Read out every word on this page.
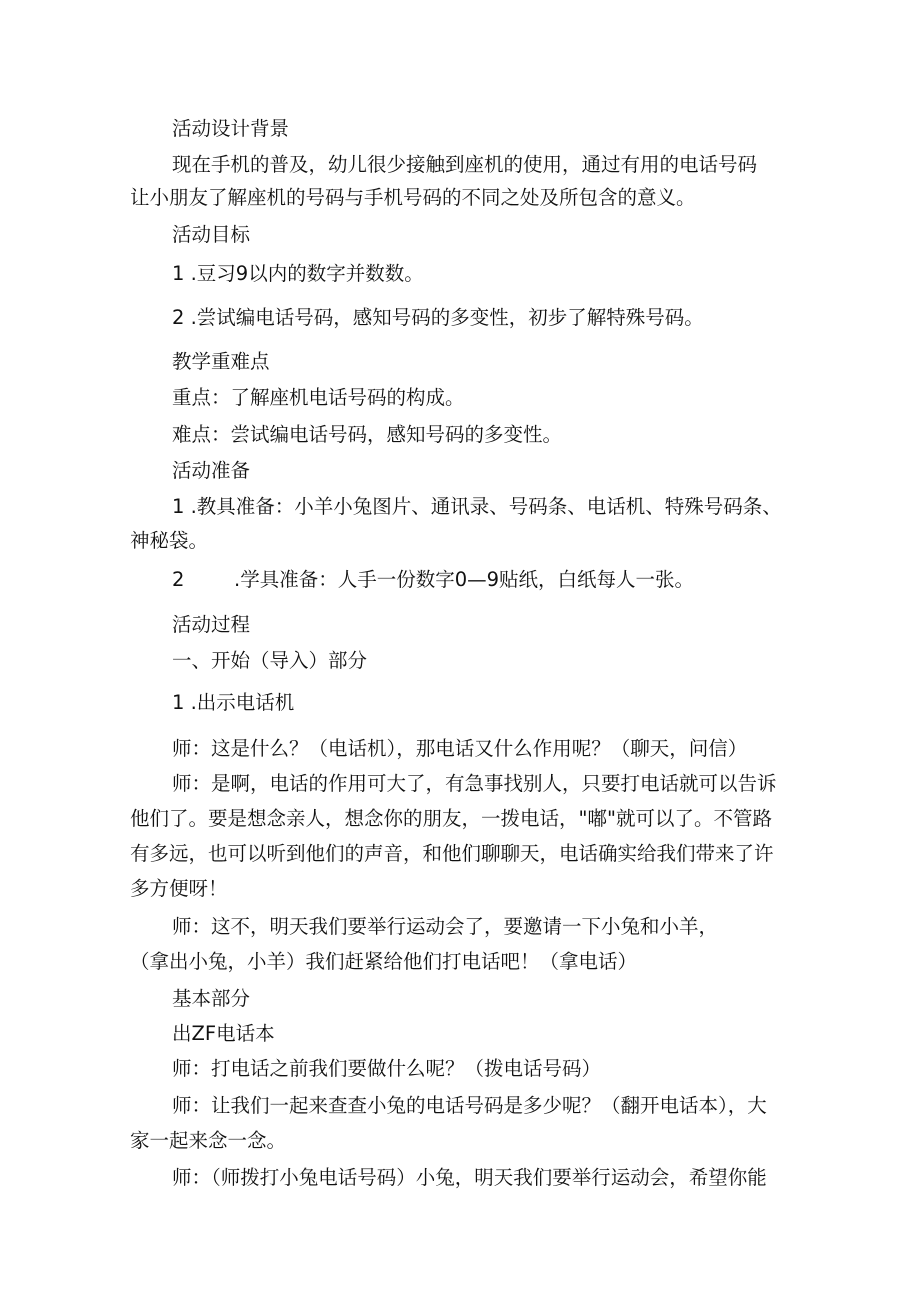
活动设计背景
现在手机的普及，幼儿很少接触到座机的使用，通过有用的电话号码
让小朋友了解座机的号码与手机号码的不同之处及所包含的意义。
活动目标
1 .豆习9以内的数字并数数。
2 .尝试编电话号码，感知号码的多变性，初步了解特殊号码。
教学重难点
重点：了解座机电话号码的构成。
难点：尝试编电话号码，感知号码的多变性。
活动准备
1 .教具准备：小羊小兔图片、通讯录、号码条、电话机、特殊号码条、
神秘袋。
2	.学具准备：人手一份数字0—9贴纸，白纸每人一张。
活动过程
一、开始（导入）部分
1 .出示电话机
师：这是什么？（电话机），那电话又什么作用呢？（聊天，问信）
师：是啊，电话的作用可大了，有急事找别人，只要打电话就可以告诉
他们了。要是想念亲人，想念你的朋友，一拨电话，"嘟"就可以了。不管路
有多远，也可以听到他们的声音，和他们聊聊天，电话确实给我们带来了许
多方便呀！
师：这不，明天我们要举行运动会了，要邀请一下小兔和小羊，
（拿出小兔，小羊）我们赶紧给他们打电话吧！（拿电话）
基本部分
出ZF电话本
师：打电话之前我们要做什么呢？（拨电话号码）
师：让我们一起来查查小兔的电话号码是多少呢？（翻开电话本），大
家一起来念一念。
师：（师拨打小兔电话号码）小兔，明天我们要举行运动会，希望你能
